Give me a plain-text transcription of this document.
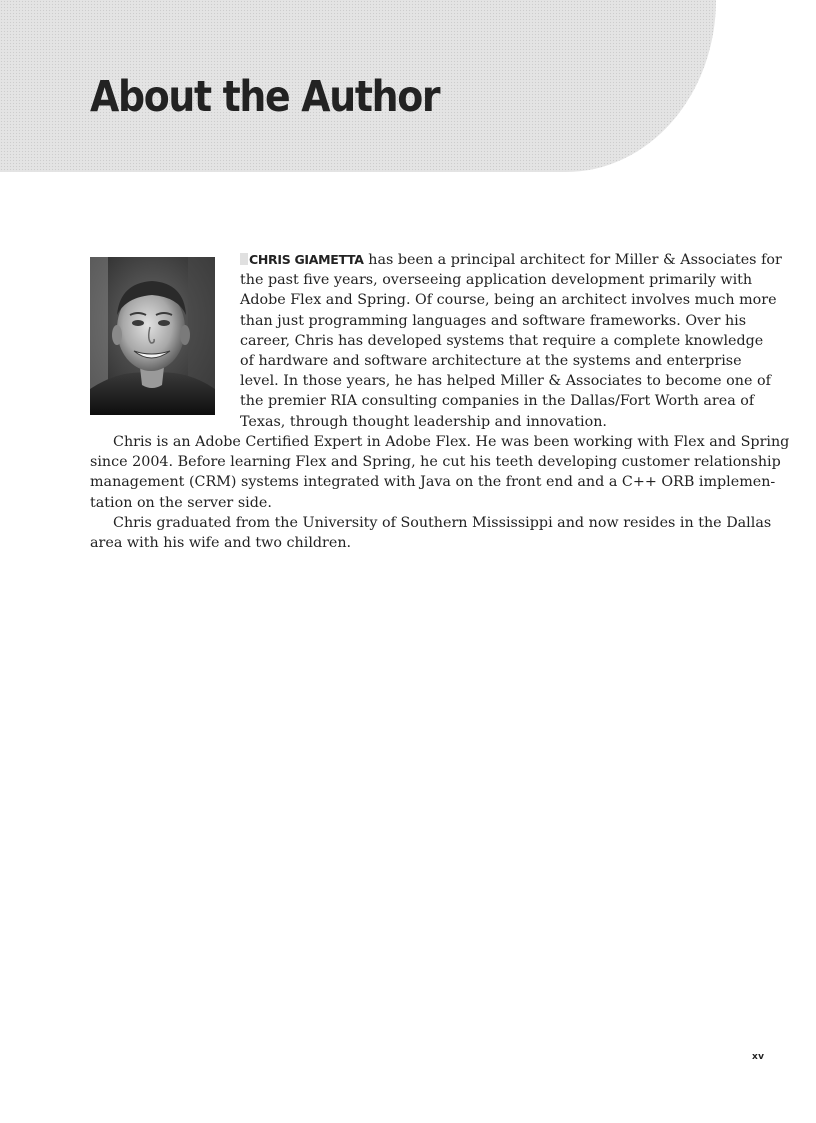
About the Author
CHRIS GIAMETTA has been a principal architect for Miller & Associates for
the past five years, overseeing application development primarily with
Adobe Flex and Spring. Of course, being an architect involves much more
than just programming languages and software frameworks. Over his
career, Chris has developed systems that require a complete knowledge
of hardware and software architecture at the systems and enterprise
level. In those years, he has helped Miller & Associates to become one of
the premier RIA consulting companies in the Dallas/Fort Worth area of
Texas, through thought leadership and innovation.
Chris is an Adobe Certified Expert in Adobe Flex. He was been working with Flex and Spring
since 2004. Before learning Flex and Spring, he cut his teeth developing customer relationship
management (CRM) systems integrated with Java on the front end and a C++ ORB implemen-
tation on the server side.
Chris graduated from the University of Southern Mississippi and now resides in the Dallas
area with his wife and two children.
xv
